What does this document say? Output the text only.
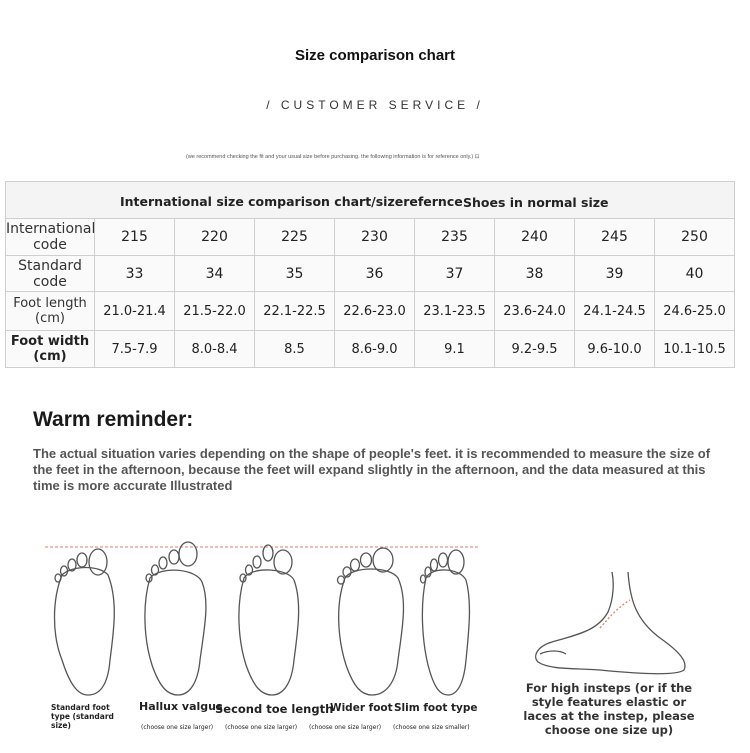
Size comparison chart
/ CUSTOMER SERVICE /
(we recommend checking the fit and your usual size before purchasing. the following information is for reference only.) ⊡
International size comparison chart/sizerefernce Shoes in normal size								

International code	215	220	225	230	235	240	245	250
Standard code	33	34	35	36	37	38	39	40
Foot length (cm)	21.0-21.4	21.5-22.0	22.1-22.5	22.6-23.0	23.1-23.5	23.6-24.0	24.1-24.5	24.6-25.0
Foot width (cm)	7.5-7.9	8.0-8.4	8.5	8.6-9.0	9.1	9.2-9.5	9.6-10.0	10.1-10.5
Warm reminder:
The actual situation varies depending on the shape of people's feet. it is recommended to measure the size of the feet in the afternoon, because the feet will expand slightly in the afternoon, and the data measured at this time is more accurate Illustrated
Standard foot type (standard size)
Hallux valgus
Second toe length
Wider foot Slim foot type
(choose one size larger) (choose one size larger) (choose one size larger) (choose one size smaller)
For high insteps (or if the style features elastic or laces at the instep, please choose one size up)
